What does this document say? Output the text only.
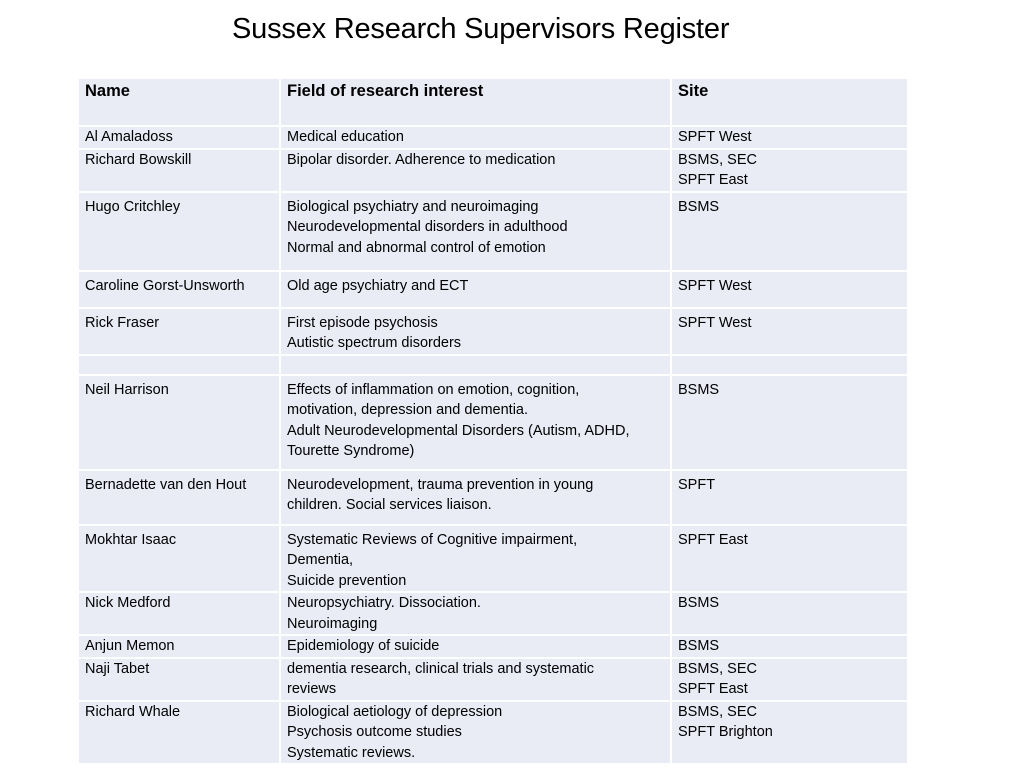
Sussex Research Supervisors Register
Name	Field of research interest	Site

Al Amaladoss	Medical education	SPFT West

Richard Bowskill	Bipolar disorder. Adherence to medication	BSMS, SEC
SPFT East

Hugo Critchley	Biological psychiatry and neuroimaging
Neurodevelopmental disorders in adulthood
Normal and abnormal control of emotion	BSMS

Caroline Gorst-Unsworth	Old age psychiatry and ECT	SPFT West

Rick Fraser	First episode psychosis
Autistic spectrum disorders	SPFT West

Neil Harrison	Effects of inflammation on emotion, cognition,
motivation, depression and dementia.
Adult Neurodevelopmental Disorders (Autism, ADHD,
Tourette Syndrome)	BSMS

Bernadette van den Hout	Neurodevelopment, trauma prevention in young
children. Social services liaison.	SPFT

Mokhtar Isaac	Systematic Reviews of Cognitive impairment,
Dementia,
Suicide prevention	SPFT East

Nick Medford	Neuropsychiatry. Dissociation.
Neuroimaging	BSMS

Anjun Memon	Epidemiology of suicide	BSMS

Naji Tabet	dementia research, clinical trials and systematic
reviews	BSMS, SEC
SPFT East

Richard Whale	Biological aetiology of depression
Psychosis outcome studies
Systematic reviews.	BSMS, SEC
SPFT Brighton
